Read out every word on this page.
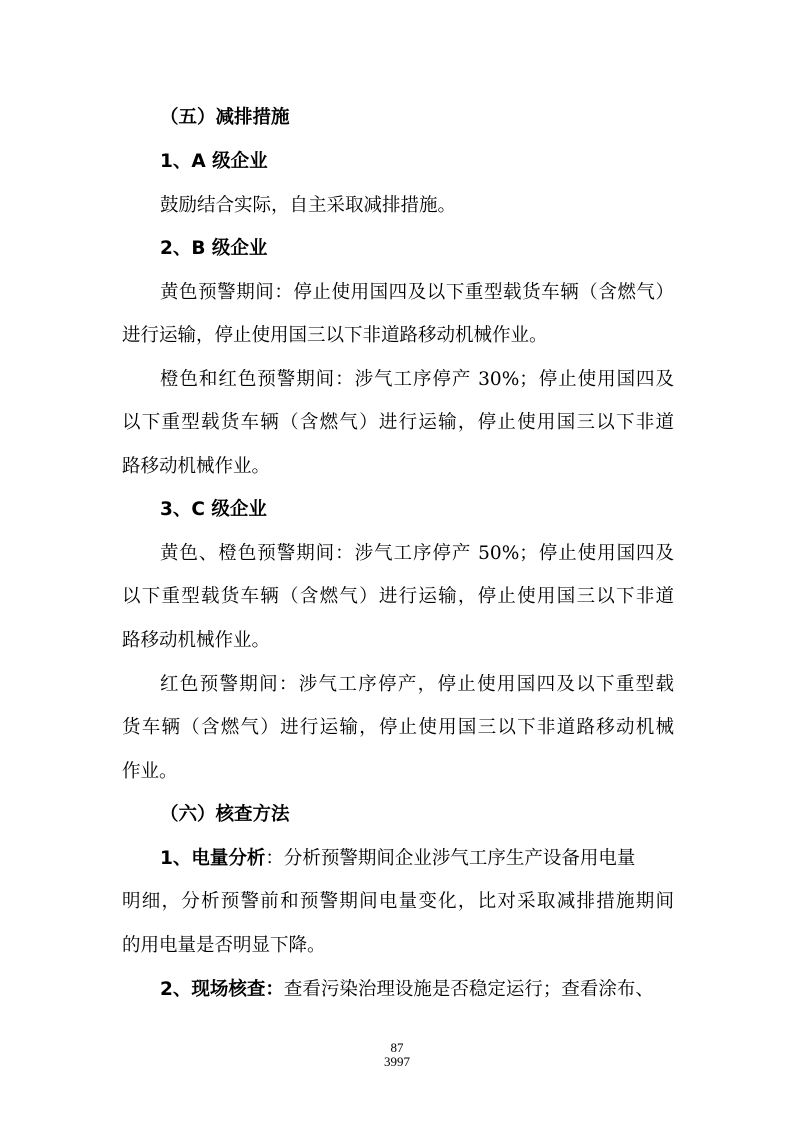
（五）减排措施
1、A 级企业
鼓励结合实际，自主采取减排措施。
2、B 级企业
黄色预警期间：停止使用国四及以下重型载货车辆（含燃气）
进行运输，停止使用国三以下非道路移动机械作业。
橙色和红色预警期间：涉气工序停产 30%；停止使用国四及
以下重型载货车辆（含燃气）进行运输，停止使用国三以下非道
路移动机械作业。
3、C 级企业
黄色、橙色预警期间：涉气工序停产 50%；停止使用国四及
以下重型载货车辆（含燃气）进行运输，停止使用国三以下非道
路移动机械作业。
红色预警期间：涉气工序停产，停止使用国四及以下重型载
货车辆（含燃气）进行运输，停止使用国三以下非道路移动机械
作业。
（六）核查方法
1、电量分析：分析预警期间企业涉气工序生产设备用电量
明细，分析预警前和预警期间电量变化，比对采取减排措施期间
的用电量是否明显下降。
2、现场核查：查看污染治理设施是否稳定运行；查看涂布、
87
3997
